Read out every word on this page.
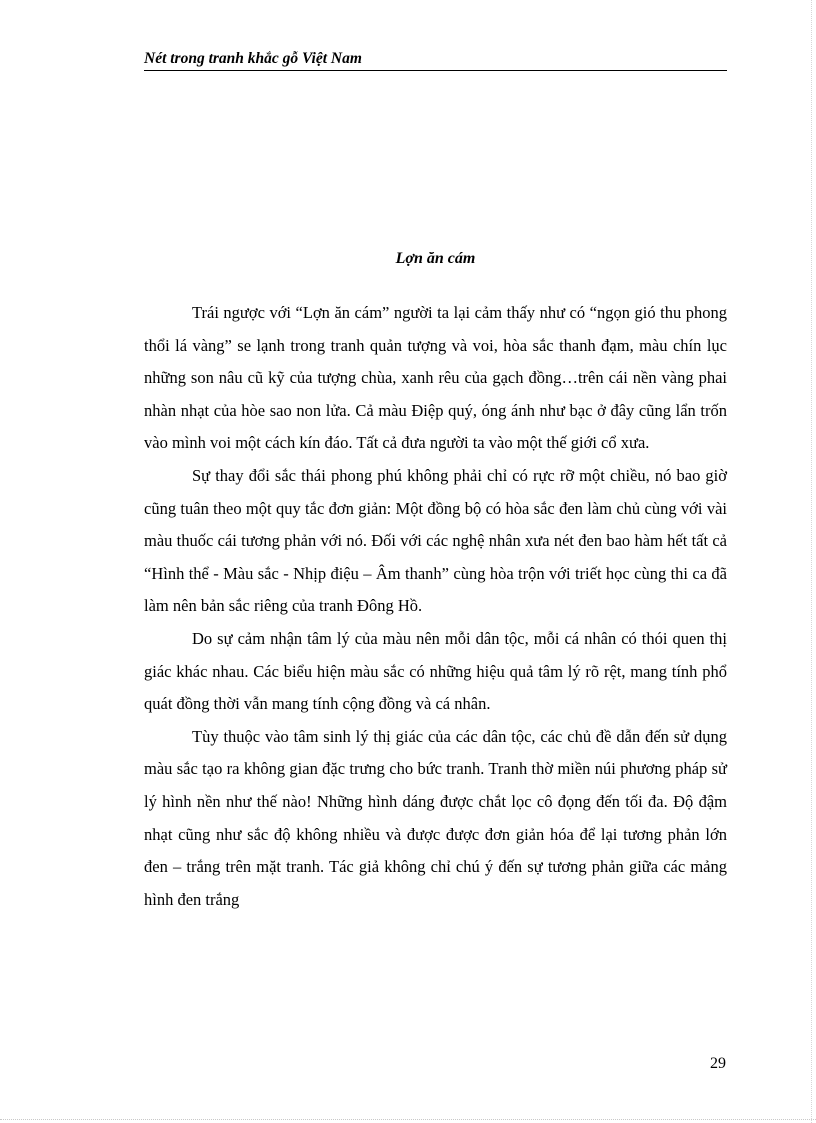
Nét trong tranh khắc gỗ Việt Nam
Lợn ăn cám

Trái ngược với “Lợn ăn cám” người ta lại cảm thấy như có “ngọn gió thu phong thổi lá vàng” se lạnh trong tranh quản tượng và voi, hòa sắc thanh đạm, màu chín lục những son nâu cũ kỹ của tượng chùa, xanh rêu của gạch đồng…trên cái nền vàng phai nhàn nhạt của hòe sao non lửa. Cả màu Điệp quý, óng ánh như bạc ở đây cũng lẩn trốn vào mình voi một cách kín đáo. Tất cả đưa người ta vào một thế giới cổ xưa.

Sự thay đổi sắc thái phong phú không phải chỉ có rực rỡ một chiều, nó bao giờ cũng tuân theo một quy tắc đơn giản: Một đồng bộ có hòa sắc đen làm chủ cùng với vài màu thuốc cái tương phản với nó. Đối với các nghệ nhân xưa nét đen bao hàm hết tất cả “Hình thể - Màu sắc - Nhịp điệu – Âm thanh” cùng hòa trộn với triết học cùng thi ca đã làm nên bản sắc riêng của tranh Đông Hồ.

Do sự cảm nhận tâm lý của màu nên mỗi dân tộc, mỗi cá nhân có thói quen thị giác khác nhau. Các biểu hiện màu sắc có những hiệu quả tâm lý rõ rệt, mang tính phổ quát đồng thời vẫn mang tính cộng đồng và cá nhân.

Tùy thuộc vào tâm sinh lý thị giác của các dân tộc, các chủ đề dẫn đến sử dụng màu sắc tạo ra không gian đặc trưng cho bức tranh. Tranh thờ miền núi phương pháp sử lý hình nền như thế nào! Những hình dáng được chắt lọc cô đọng đến tối đa. Độ đậm nhạt cũng như sắc độ không nhiều và được được đơn giản hóa để lại tương phản lớn đen – trắng trên mặt tranh. Tác giả không chỉ chú ý đến sự tương phản giữa các mảng hình đen trắng

29
